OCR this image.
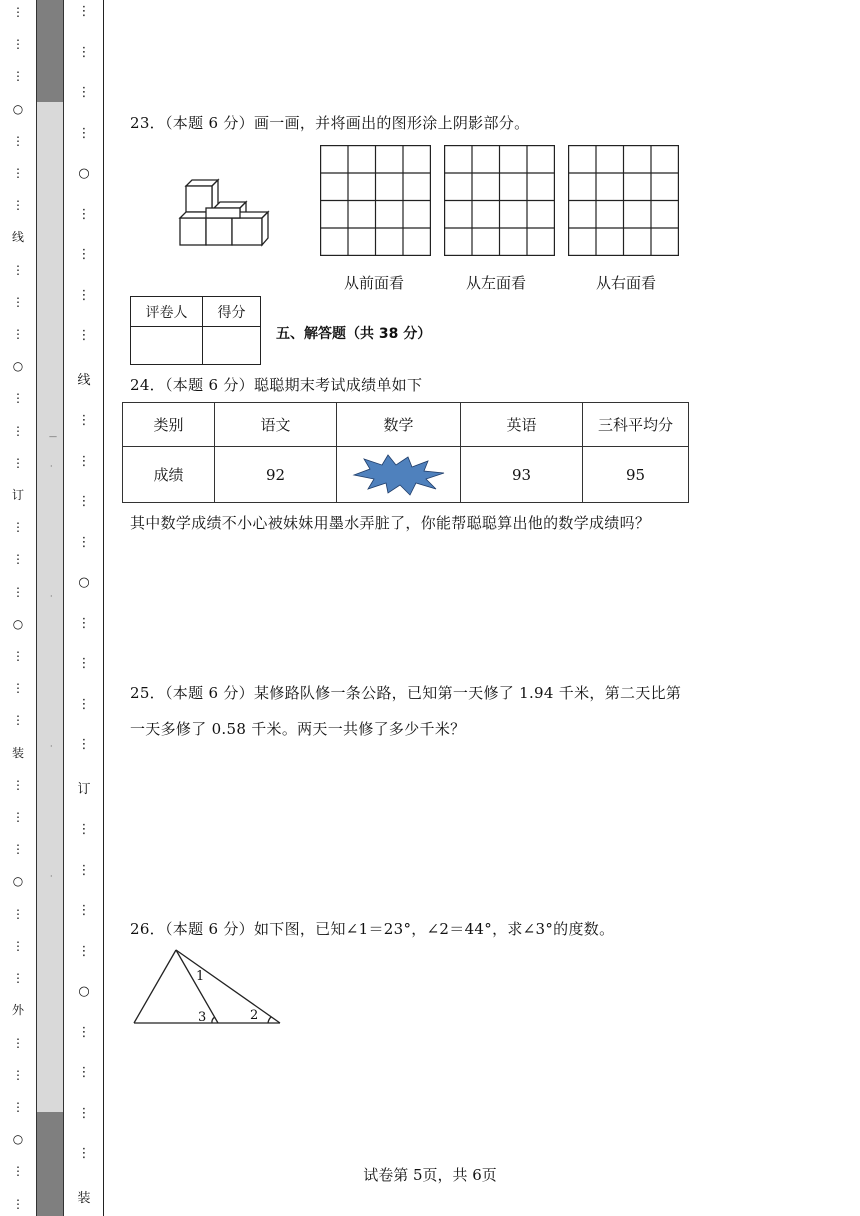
⋮
⋮
⋮
○
⋮
⋮
⋮
线
⋮
⋮
⋮
○
⋮
⋮
⋮
订
⋮
⋮
⋮
○
⋮
⋮
⋮
装
⋮
⋮
⋮
○
⋮
⋮
⋮
外
⋮
⋮
⋮
○
⋮
⋮
—
·
·
·
·
⋮
⋮
⋮
⋮
○
⋮
⋮
⋮
⋮
线
⋮
⋮
⋮
⋮
○
⋮
⋮
⋮
⋮
订
⋮
⋮
⋮
⋮
○
⋮
⋮
⋮
⋮
装
23．（本题 6 分）画一画，并将画出的图形涂上阴影部分。
从前面看	从左面看	从右面看
评卷人	得分

五、解答题（共 38 分）
24．（本题 6 分）聪聪期末考试成绩单如下
类别	语文	数学	英语	三科平均分
成绩	92		93	95
其中数学成绩不小心被妹妹用墨水弄脏了，你能帮聪聪算出他的数学成绩吗？
25．（本题 6 分）某修路队修一条公路，已知第一天修了 1.94 千米，第二天比第
一天多修了 0.58 千米。两天一共修了多少千米？
26．（本题 6 分）如下图，已知∠1＝23°，∠2＝44°，求∠3°的度数。
1
3	2
试卷第 5页，共 6页
